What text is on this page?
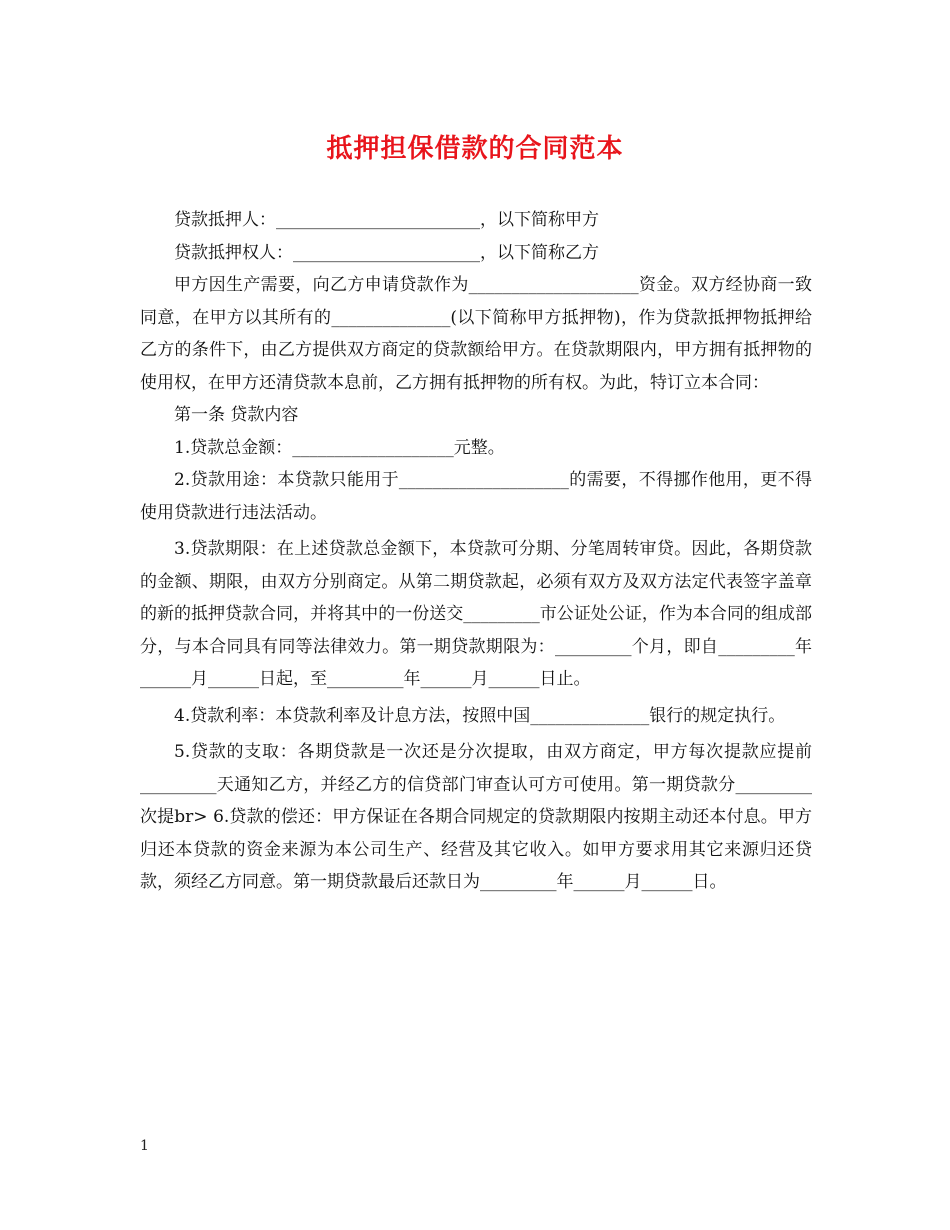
抵押担保借款的合同范本

贷款抵押人：________________________，以下简称甲方

贷款抵押权人：______________________，以下简称乙方

甲方因生产需要，向乙方申请贷款作为____________________资金。双方经协商一致同意，在甲方以其所有的______________(以下简称甲方抵押物)，作为贷款抵押物抵押给乙方的条件下，由乙方提供双方商定的贷款额给甲方。在贷款期限内，甲方拥有抵押物的使用权，在甲方还清贷款本息前，乙方拥有抵押物的所有权。为此，特订立本合同：

第一条 贷款内容

1.贷款总金额：___________________元整。

2.贷款用途：本贷款只能用于____________________的需要，不得挪作他用，更不得使用贷款进行违法活动。

3.贷款期限：在上述贷款总金额下，本贷款可分期、分笔周转审贷。因此，各期贷款的金额、期限，由双方分别商定。从第二期贷款起，必须有双方及双方法定代表签字盖章的新的抵押贷款合同，并将其中的一份送交_________市公证处公证，作为本合同的组成部分，与本合同具有同等法律效力。第一期贷款期限为：_________个月，即自_________年______月______日起，至_________年______月______日止。

4.贷款利率：本贷款利率及计息方法，按照中国______________银行的规定执行。

5.贷款的支取：各期贷款是一次还是分次提取，由双方商定，甲方每次提款应提前_________天通知乙方，并经乙方的信贷部门审查认可方可使用。第一期贷款分_________次提br> 6.贷款的偿还：甲方保证在各期合同规定的贷款期限内按期主动还本付息。甲方归还本贷款的资金来源为本公司生产、经营及其它收入。如甲方要求用其它来源归还贷款，须经乙方同意。第一期贷款最后还款日为_________年______月______日。

1
